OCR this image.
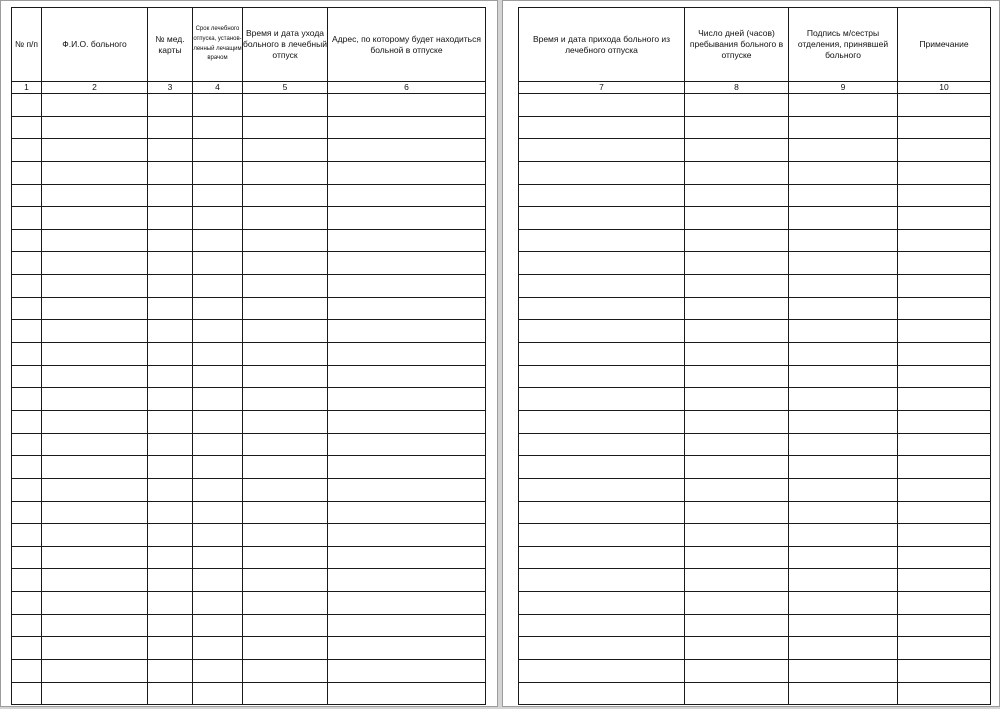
№ п/п	Ф.И.О. больного	№ мед. карты	Срок лечебного отпуска, установ-ленный лечащим врачом	Время и дата ухода больного в лечебный отпуск	Адрес, по которому будет находиться больной в отпуске
1	2	3	4	5	6

Время и дата прихода больного из лечебного отпуска	Число дней (часов) пребывания больного в отпуске	Подпись м/сестры отделения, принявшей больного	Примечание
7	8	9	10
